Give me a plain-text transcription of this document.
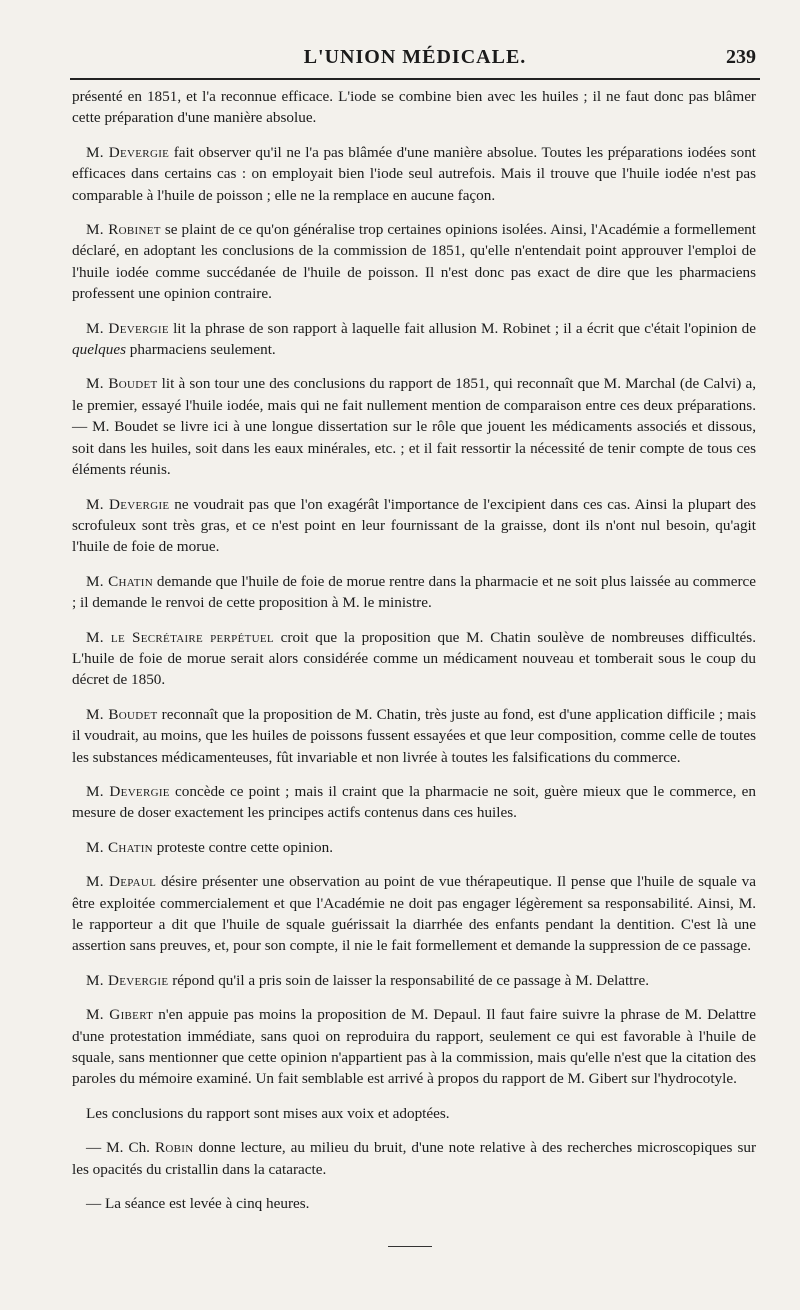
L'UNION MÉDICALE.	239

présenté en 1851, et l'a reconnue efficace. L'iode se combine bien avec les huiles ; il ne faut donc pas blâmer cette préparation d'une manière absolue.

M. Devergie fait observer qu'il ne l'a pas blâmée d'une manière absolue. Toutes les préparations iodées sont efficaces dans certains cas : on employait bien l'iode seul autrefois. Mais il trouve que l'huile iodée n'est pas comparable à l'huile de poisson ; elle ne la remplace en aucune façon.

M. Robinet se plaint de ce qu'on généralise trop certaines opinions isolées. Ainsi, l'Académie a formellement déclaré, en adoptant les conclusions de la commission de 1851, qu'elle n'entendait point approuver l'emploi de l'huile iodée comme succédanée de l'huile de poisson. Il n'est donc pas exact de dire que les pharmaciens professent une opinion contraire.

M. Devergie lit la phrase de son rapport à laquelle fait allusion M. Robinet ; il a écrit que c'était l'opinion de quelques pharmaciens seulement.

M. Boudet lit à son tour une des conclusions du rapport de 1851, qui reconnaît que M. Marchal (de Calvi) a, le premier, essayé l'huile iodée, mais qui ne fait nullement mention de comparaison entre ces deux préparations.— M. Boudet se livre ici à une longue dissertation sur le rôle que jouent les médicaments associés et dissous, soit dans les huiles, soit dans les eaux minérales, etc. ; et il fait ressortir la nécessité de tenir compte de tous ces éléments réunis.

M. Devergie ne voudrait pas que l'on exagérât l'importance de l'excipient dans ces cas. Ainsi la plupart des scrofuleux sont très gras, et ce n'est point en leur fournissant de la graisse, dont ils n'ont nul besoin, qu'agit l'huile de foie de morue.

M. Chatin demande que l'huile de foie de morue rentre dans la pharmacie et ne soit plus laissée au commerce ; il demande le renvoi de cette proposition à M. le ministre.

M. le Secrétaire perpétuel croit que la proposition que M. Chatin soulève de nombreuses difficultés. L'huile de foie de morue serait alors considérée comme un médicament nouveau et tomberait sous le coup du décret de 1850.

M. Boudet reconnaît que la proposition de M. Chatin, très juste au fond, est d'une application difficile ; mais il voudrait, au moins, que les huiles de poissons fussent essayées et que leur composition, comme celle de toutes les substances médicamenteuses, fût invariable et non livrée à toutes les falsifications du commerce.

M. Devergie concède ce point ; mais il craint que la pharmacie ne soit, guère mieux que le commerce, en mesure de doser exactement les principes actifs contenus dans ces huiles.

M. Chatin proteste contre cette opinion.

M. Depaul désire présenter une observation au point de vue thérapeutique. Il pense que l'huile de squale va être exploitée commercialement et que l'Académie ne doit pas engager légèrement sa responsabilité. Ainsi, M. le rapporteur a dit que l'huile de squale guérissait la diarrhée des enfants pendant la dentition. C'est là une assertion sans preuves, et, pour son compte, il nie le fait formellement et demande la suppression de ce passage.

M. Devergie répond qu'il a pris soin de laisser la responsabilité de ce passage à M. Delattre.

M. Gibert n'en appuie pas moins la proposition de M. Depaul. Il faut faire suivre la phrase de M. Delattre d'une protestation immédiate, sans quoi on reproduira du rapport, seulement ce qui est favorable à l'huile de squale, sans mentionner que cette opinion n'appartient pas à la commission, mais qu'elle n'est que la citation des paroles du mémoire examiné. Un fait semblable est arrivé à propos du rapport de M. Gibert sur l'hydrocotyle.

Les conclusions du rapport sont mises aux voix et adoptées.

— M. Ch. Robin donne lecture, au milieu du bruit, d'une note relative à des recherches microscopiques sur les opacités du cristallin dans la cataracte.

— La séance est levée à cinq heures.
